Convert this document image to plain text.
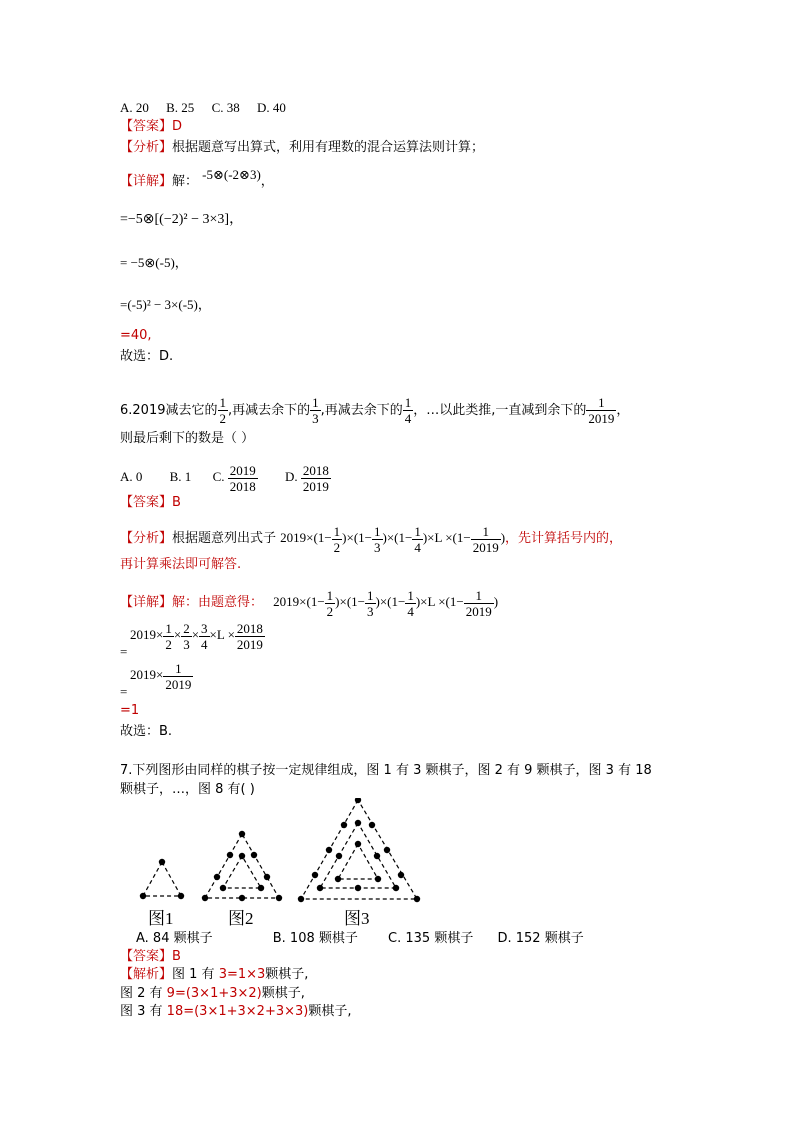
A. 20 B. 25 C. 38 D. 40
【答案】D
【分析】根据题意写出算式，利用有理数的混合运算法则计算；
【详解】解： -5⊗(-2⊗3)，
=−5⊗[(−2)² − 3×3]，
= −5⊗(-5)，
=(-5)² − 3×(-5)，
=40,
故选：D.
6.2019减去它的 $\frac{1}{2}$ ,再减去余下的 $\frac{1}{3}$ ,再减去余下的 $\frac{1}{4}$ ，…以此类推,一直减到余下的 $\frac{1}{2019}$ ，
则最后剩下的数是（ ）
A. 0 B. 1 C. $\frac{2019}{2018} D$. $\frac{2018}{2019}$
【答案】B
【分析】根据题意列出式子 $2019\times(1- \frac{1}{2} )\times(1- \frac{1}{3} )\times(1- \frac{1}{4} )\times L \times(1- \frac{1}{2019}$ )，先计算括号内的，
再计算乘法即可解答.
【详解】解：由题意得： $2019\times(1- \frac{1}{2} )\times(1- \frac{1}{3} )\times(1- \frac{1}{4} )\times L \times(1- \frac{1}{2019}$ )
=
$2019\times \frac{1}{2} \times \frac{2}{3} \times \frac{3}{4} \times L \times \frac{2018}{2019}$
=
$2019\times \frac{1}{2019}$
=1
故选：B.
7.下列图形由同样的棋子按一定规律组成，图 1 有 3 颗棋子，图 2 有 9 颗棋子，图 3 有 18
颗棋子，…，图 8 有( )
图1	图2	图3
A. 84 颗棋子	B. 108 颗棋子 C. 135 颗棋子 D. 152 颗棋子
【答案】B
【解析】图 1 有 3=1×3颗棋子,
图 2 有 9=(3×1+3×2)颗棋子,
图 3 有 18=(3×1+3×2+3×3)颗棋子,
